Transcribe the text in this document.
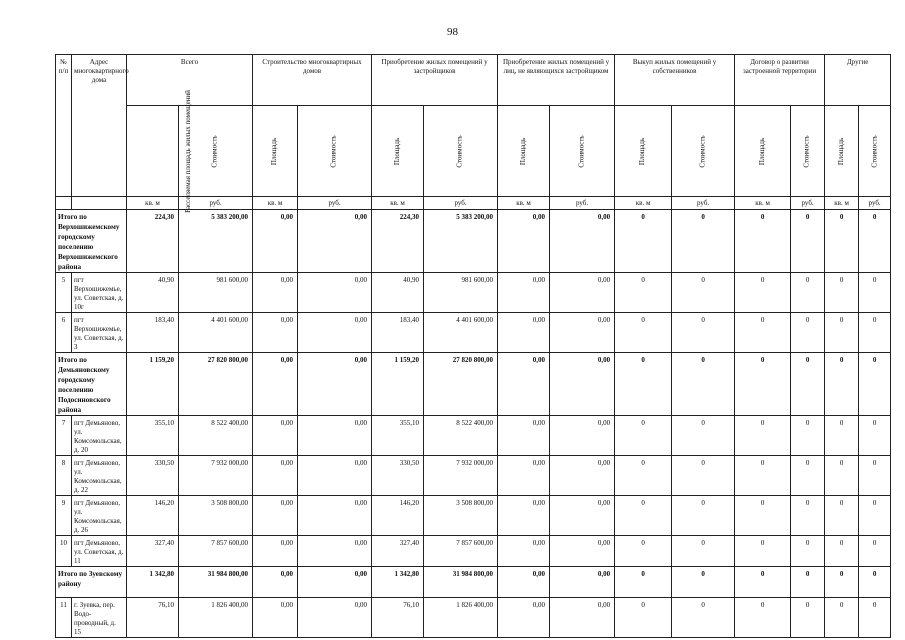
98
№ п/п	Адрес многоквартирного дома	Всего		Строительство многоквартирных домов		Приобретение жилых помещений у застройщиков		Приобретение жилых помещений у лиц, не являющихся застройщиком		Выкуп жилых помещений у собственников		Договор о развитии застроенной территории		Другие	
		Расселяемая площадь жилых помещений	Стоимость	Площадь	Стоимость	Площадь	Стоимость	Площадь	Стоимость	Площадь	Стоимость	Площадь	Стоимость	Площадь	Стоимость
		кв. м	руб.	кв. м	руб.	кв. м	руб.	кв. м	руб.	кв. м	руб.	кв. м	руб.	кв. м	руб.
Итого по Верхошижемскому городскому поселению Верхошижемского района		224,30	5 383 200,00	0,00	0,00	224,30	5 383 200,00	0,00	0,00	0	0	0	0	0	0
5	пгт Верхошижемье, ул. Советская, д. 10г	40,90	981 600,00	0,00	0,00	40,90	981 600,00	0,00	0,00	0	0	0	0	0	0
6	пгт Верхошижемье, ул. Советская, д. 3	183,40	4 401 600,00	0,00	0,00	183,40	4 401 600,00	0,00	0,00	0	0	0	0	0	0
Итого по Демьяновскому городскому поселению Подосиновского района		1 159,20	27 820 800,00	0,00	0,00	1 159,20	27 820 800,00	0,00	0,00	0	0	0	0	0	0
7	пгт Демьяново, ул. Комсомольская, д. 20	355,10	8 522 400,00	0,00	0,00	355,10	8 522 400,00	0,00	0,00	0	0	0	0	0	0
8	пгт Демьяново, ул. Комсомольская, д. 22	330,50	7 932 000,00	0,00	0,00	330,50	7 932 000,00	0,00	0,00	0	0	0	0	0	0
9	пгт Демьяново, ул. Комсомольская, д. 26	146,20	3 508 800,00	0,00	0,00	146,20	3 508 800,00	0,00	0,00	0	0	0	0	0	0
10	пгт Демьяново, ул. Советская, д. 11	327,40	7 857 600,00	0,00	0,00	327,40	7 857 600,00	0,00	0,00	0	0	0	0	0	0
Итого по Зуевскому району		1 342,80	31 984 800,00	0,00	0,00	1 342,80	31 984 800,00	0,00	0,00	0	0	0	0	0	0
11	г. Зуевка, пер. Водо-проводный, д. 15	76,10	1 826 400,00	0,00	0,00	76,10	1 826 400,00	0,00	0,00	0	0	0	0	0	0
